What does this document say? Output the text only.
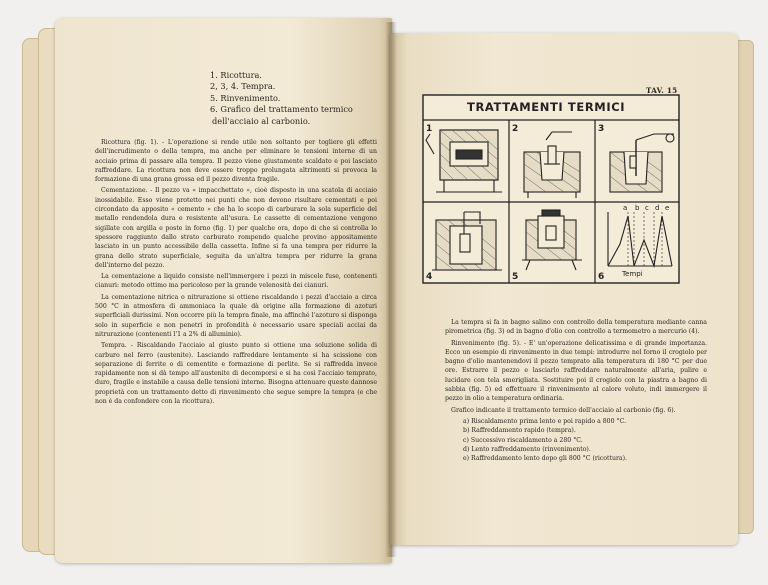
1. Ricottura.
2, 3, 4. Tempra.
5. Rinvenimento.
6. Grafico del trattamento termico
dell'acciaio al carbonio.

Ricottura (fig. 1). - L'operazione si rende utile non soltanto per togliere gli effetti dell'incrudimento o della tempra, ma anche per eliminare le tensioni interne di un acciaio prima di passare alla tempra. Il pezzo viene giustamente scaldato e poi lasciato raffreddare. La ricottura non deve essere troppo prolungata altrimenti si provoca la formazione di una grana grossa ed il pezzo diventa fragile.

Cementazione. - Il pezzo va « impacchettato », cioè disposto in una scatola di acciaio inossidabile. Esso viene protetto nei punti che non devono risultare cementati e poi circondato da apposito « cemento » che ha lo scopo di carburare la sola superficie del metallo rendendola dura e resistente all'usura. Le cassette di cementazione vengono sigillate con argilla e poste in forno (fig. 1) per qualche ora, dopo di che si controlla lo spessore raggiunto dallo strato carburato rompendo qualche provino appositamente lasciato in un punto accessibile della cassetta. Infine si fa una tempra per ridurre la grana dello strato superficiale, seguita da un'altra tempra per ridurre la grana dell'interno del pezzo.

La cementazione a liquido consiste nell'immergere i pezzi in miscele fuse, contenenti cianuri: metodo ottimo ma pericoloso per la grande velenosità dei cianuri.

La cementazione nitrica o nitrurazione si ottiene riscaldando i pezzi d'acciaio a circa 500 °C in atmosfera di ammoniaca la quale dà origine alla formazione di azoturi superficiali durissimi. Non occorre più la tempra finale, ma affinché l'azoturo si disponga solo in superficie e non penetri in profondità è necessario usare speciali acciai da nitrurazione (contenenti l'1 a 2% di alluminio).

Tempra. - Riscaldando l'acciaio al giusto punto si ottiene una soluzione solida di carburo nel ferro (austenite). Lasciando raffreddare lentamente si ha scissione con separazione di ferrite o di cementite e formazione di perlite. Se si raffredda invece rapidamente non si dà tempo all'austenite di decomporsi e si ha così l'acciaio temprato, duro, fragile e instabile a causa delle tensioni interne. Bisogna attenuare queste dannose proprietà con un trattamento detto di rinvenimento che segue sempre la tempra (e che non è da confondere con la ricottura).

TAV. 15
TRATTAMENTI TERMICI
1	2	3
4	5	6
a b c d e
Tempi

La tempra si fa in bagno salino con controllo della temperatura mediante canna pirometrica (fig. 3) od in bagno d'olio con controllo a termometro a mercurio (4).

Rinvenimento (fig. 5). - E' un'operazione delicatissima e di grande importanza. Ecco un esempio di rinvenimento in due tempi: introdurre nel forno il crogiolo per bagno d'olio mantenendovi il pezzo temprato alla temperatura di 180 °C per due ore. Estrarre il pezzo e lasciarlo raffreddare naturalmente all'aria, pulire e lucidare con tela smerigliata. Sostituire poi il crogiolo con la piastra a bagno di sabbia (fig. 5) ed effettuare il rinvenimento al calore voluto, indi immergere il pezzo in olio a temperatura ordinaria.

Grafico indicante il trattamento termico dell'acciaio al carbonio (fig. 6).

a) Riscaldamento prima lento e poi rapido a 800 °C.
b) Raffreddamento rapido (tempra).
c) Successivo riscaldamento a 280 °C.
d) Lento raffreddamento (rinvenimento).
e) Raffreddamento lento dopo gli 800 °C (ricottura).
